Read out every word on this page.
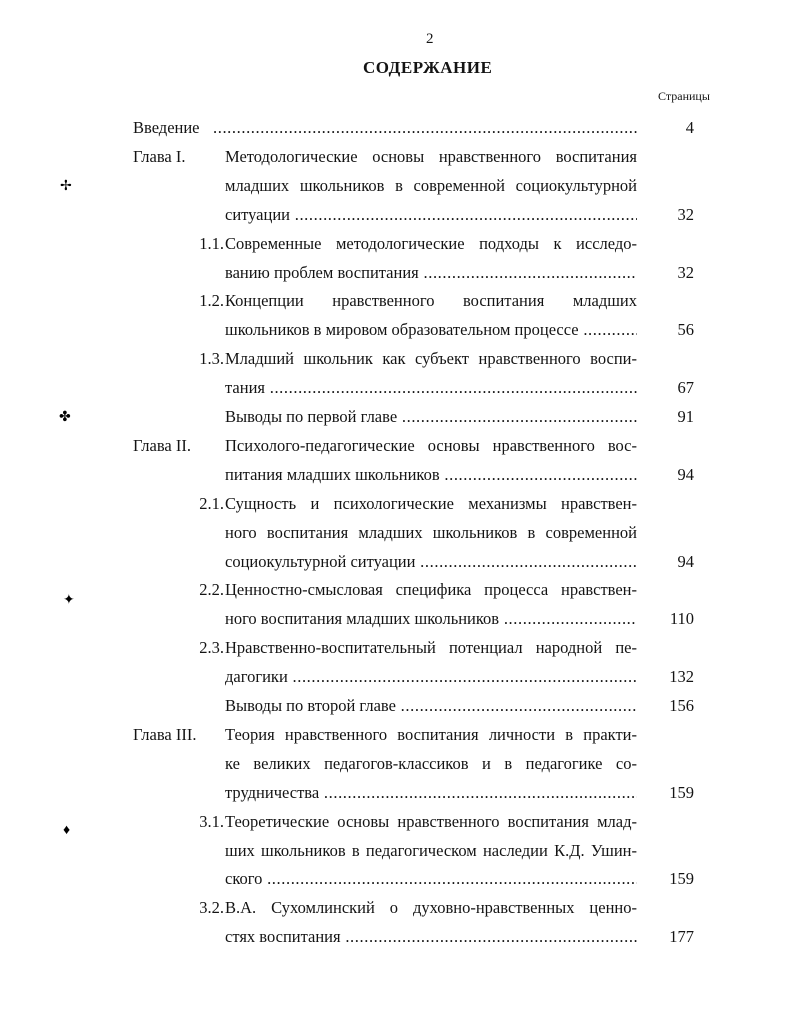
2
СОДЕРЖАНИЕ
Страницы
Введение .....	4
Глава I. Методологические основы нравственного воспитания
младших школьников в современной социокультурной
ситуации .....	32
1.1. Современные методологические подходы к исследо-
ванию проблем воспитания .....	32
1.2. Концепции нравственного воспитания младших
школьников в мировом образовательном процессе .....	56
1.3. Младший школьник как субъект нравственного воспи-
тания .....	67
Выводы по первой главе .....	91
Глава II. Психолого-педагогические основы нравственного вос-
питания младших школьников .....	94
2.1. Сущность и психологические механизмы нравствен-
ного воспитания младших школьников в современной
социокультурной ситуации .....	94
2.2. Ценностно-смысловая специфика процесса нравствен-
ного воспитания младших школьников .....	110
2.3. Нравственно-воспитательный потенциал народной пе-
дагогики .....	132
Выводы по второй главе .....	156
Глава III. Теория нравственного воспитания личности в практи-
ке великих педагогов-классиков и в педагогике со-
трудничества .....	159
3.1. Теоретические основы нравственного воспитания млад-
ших школьников в педагогическом наследии К.Д. Ушин-
ского .....	159
3.2. В.А. Сухомлинский о духовно-нравственных ценно-
стях воспитания .....	177
✢
✤
✦
♦
